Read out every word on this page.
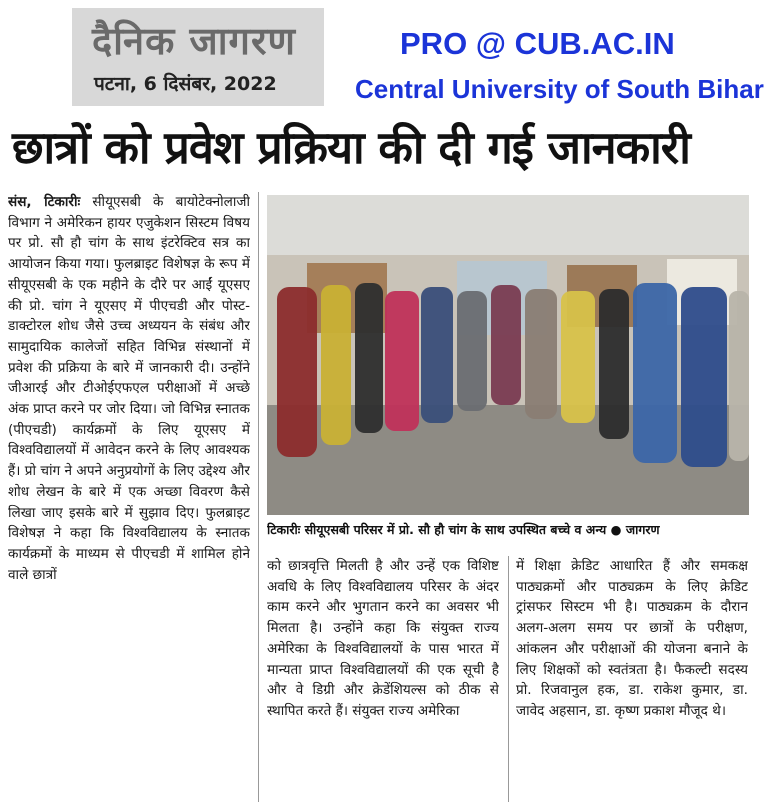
दैनिक जागरण
पटना, 6 दिसंबर, 2022
PRO @ CUB.AC.IN
Central University of South Bihar
छात्रों को प्रवेश प्रक्रिया की दी गई जानकारी

संस, टिकारीः सीयूएसबी के बायोटेक्नोलाजी विभाग ने अमेरिकन हायर एजुकेशन सिस्टम विषय पर प्रो. सौ हौ चांग के साथ इंटरेक्टिव सत्र का आयोजन किया गया। फुलब्राइट विशेषज्ञ के रूप में सीयूएसबी के एक महीने के दौरे पर आईं यूएसए की प्रो. चांग ने यूएसए में पीएचडी और पोस्ट-डाक्टोरल शोध जैसे उच्च अध्ययन के संबंध और सामुदायिक कालेजों सहित विभिन्न संस्थानों में प्रवेश की प्रक्रिया के बारे में जानकारी दी। उन्होंने जीआरई और टीओईएफएल परीक्षाओं में अच्छे अंक प्राप्त करने पर जोर दिया। जो विभिन्न स्नातक (पीएचडी) कार्यक्रमों के लिए यूएसए में विश्वविद्यालयों में आवेदन करने के लिए आवश्यक हैं। प्रो चांग ने अपने अनुप्रयोगों के लिए उद्देश्य और शोध लेखन के बारे में एक अच्छा विवरण कैसे लिखा जाए इसके बारे में सुझाव दिए। फुलब्राइट विशेषज्ञ ने कहा कि विश्वविद्यालय के स्नातक कार्यक्रमों के माध्यम से पीएचडी में शामिल होने वाले छात्रों

टिकारीः सीयूएसबी परिसर में प्रो. सौ हौ चांग के साथ उपस्थित बच्चे व अन्य ● जागरण

को छात्रवृत्ति मिलती है और उन्हें एक विशिष्ट अवधि के लिए विश्वविद्यालय परिसर के अंदर काम करने और भुगतान करने का अवसर भी मिलता है। उन्होंने कहा कि संयुक्त राज्य अमेरिका के विश्वविद्यालयों के पास भारत में मान्यता प्राप्त विश्वविद्यालयों की एक सूची है और वे डिग्री और क्रेडेंशियल्स को ठीक से स्थापित करते हैं। संयुक्त राज्य अमेरिका

में शिक्षा क्रेडिट आधारित हैं और समकक्ष पाठ्यक्रमों और पाठ्यक्रम के लिए क्रेडिट ट्रांसफर सिस्टम भी है। पाठ्यक्रम के दौरान अलग-अलग समय पर छात्रों के परीक्षण, आंकलन और परीक्षाओं की योजना बनाने के लिए शिक्षकों को स्वतंत्रता है। फैकल्टी सदस्य प्रो. रिजवानुल हक, डा. राकेश कुमार, डा. जावेद अहसान, डा. कृष्ण प्रकाश मौजूद थे।
